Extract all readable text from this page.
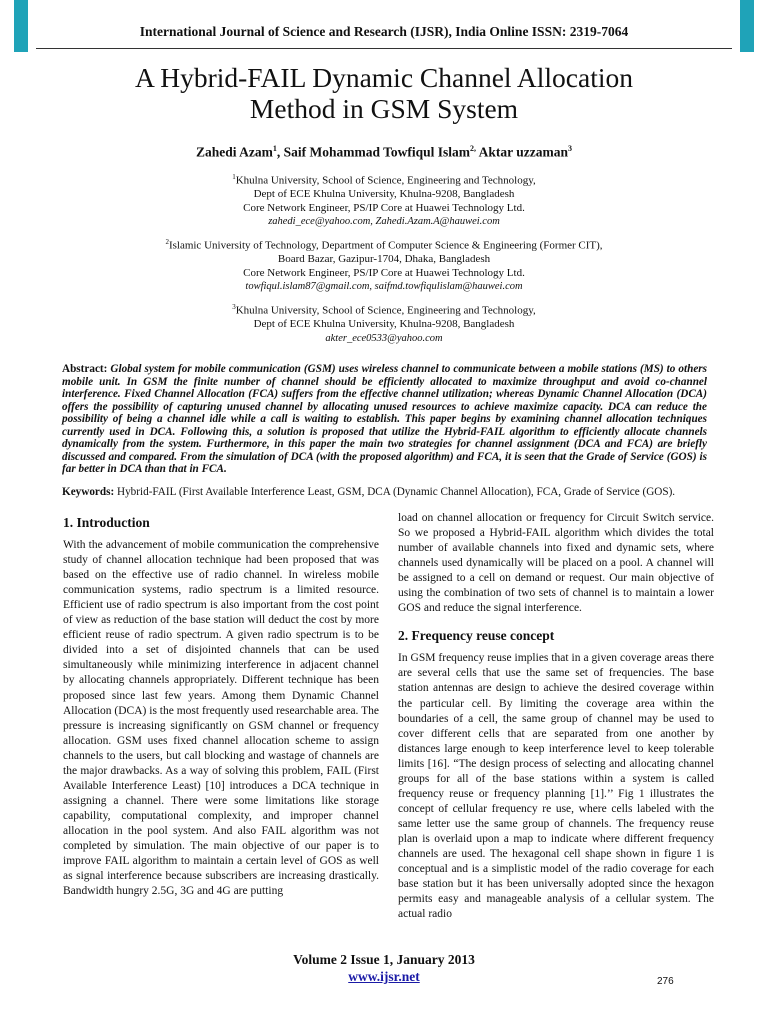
International Journal of Science and Research (IJSR), India Online ISSN: 2319-7064
A Hybrid-FAIL Dynamic Channel Allocation
Method in GSM System
Zahedi Azam$^1$, Saif Mohammad Towfiqul Islam$^{2,}$ Aktar uzzaman$^3$
$^1$Khulna University, School of Science, Engineering and Technology,
Dept of ECE Khulna University, Khulna-9208, Bangladesh
Core Network Engineer, PS/IP Core at Huawei Technology Ltd.
zahedi_ece@yahoo.com, Zahedi.Azam.A@hauwei.com
$^2$Islamic University of Technology, Department of Computer Science & Engineering (Former CIT),
Board Bazar, Gazipur-1704, Dhaka, Bangladesh
Core Network Engineer, PS/IP Core at Huawei Technology Ltd.
towfiqul.islam87@gmail.com, saifmd.towfiqulislam@hauwei.com
$^3$Khulna University, School of Science, Engineering and Technology,
Dept of ECE Khulna University, Khulna-9208, Bangladesh
akter_ece0533@yahoo.com
Abstract: Global system for mobile communication (GSM) uses wireless channel to communicate between a mobile stations (MS) to others mobile unit. In GSM the finite number of channel should be efficiently allocated to maximize throughput and avoid co-channel interference. Fixed Channel Allocation (FCA) suffers from the effective channel utilization; whereas Dynamic Channel Allocation (DCA) offers the possibility of capturing unused channel by allocating unused resources to achieve maximize capacity. DCA can reduce the possibility of being a channel idle while a call is waiting to establish. This paper begins by examining channel allocation techniques currently used in DCA. Following this, a solution is proposed that utilize the Hybrid-FAIL algorithm to efficiently allocate channels dynamically from the system. Furthermore, in this paper the main two strategies for channel assignment (DCA and FCA) are briefly discussed and compared. From the simulation of DCA (with the proposed algorithm) and FCA, it is seen that the Grade of Service (GOS) is far better in DCA than that in FCA.
Keywords: Hybrid-FAIL (First Available Interference Least, GSM, DCA (Dynamic Channel Allocation), FCA, Grade of Service (GOS).
1. Introduction

With the advancement of mobile communication the comprehensive study of channel allocation technique had been proposed that was based on the effective use of radio channel. In wireless mobile communication systems, radio spectrum is a limited resource. Efficient use of radio spectrum is also important from the cost point of view as reduction of the base station will deduct the cost by more efficient reuse of radio spectrum. A given radio spectrum is to be divided into a set of disjointed channels that can be used simultaneously while minimizing interference in adjacent channel by allocating channels appropriately. Different technique has been proposed since last few years. Among them Dynamic Channel Allocation (DCA) is the most frequently used researchable area. The pressure is increasing significantly on GSM channel or frequency allocation. GSM uses fixed channel allocation scheme to assign channels to the users, but call blocking and wastage of channels are the major drawbacks. As a way of solving this problem, FAIL (First Available Interference Least) [10] introduces a DCA technique in assigning a channel. There were some limitations like storage capability, computational complexity, and improper channel allocation in the pool system. And also FAIL algorithm was not completed by simulation. The main objective of our paper is to improve FAIL algorithm to maintain a certain level of GOS as well as signal interference because subscribers are increasing drastically. Bandwidth hungry 2.5G, 3G and 4G are putting

load on channel allocation or frequency for Circuit Switch service. So we proposed a Hybrid-FAIL algorithm which divides the total number of available channels into fixed and dynamic sets, where channels used dynamically will be placed on a pool. A channel will be assigned to a cell on demand or request. Our main objective of using the combination of two sets of channel is to maintain a lower GOS and reduce the signal interference.

2. Frequency reuse concept

In GSM frequency reuse implies that in a given coverage areas there are several cells that use the same set of frequencies. The base station antennas are design to achieve the desired coverage within the particular cell. By limiting the coverage area within the boundaries of a cell, the same group of channel may be used to cover different cells that are separated from one another by distances large enough to keep interference level to keep tolerable limits [16]. “The design process of selecting and allocating channel groups for all of the base stations within a system is called frequency reuse or frequency planning [1].’’ Fig 1 illustrates the concept of cellular frequency re use, where cells labeled with the same letter use the same group of channels. The frequency reuse plan is overlaid upon a map to indicate where different frequency channels are used. The hexagonal cell shape shown in figure 1 is conceptual and is a simplistic model of the radio coverage for each base station but it has been universally adopted since the hexagon permits easy and manageable analysis of a cellular system. The actual radio

Volume 2 Issue 1, January 2013
www.ijsr.net	276
